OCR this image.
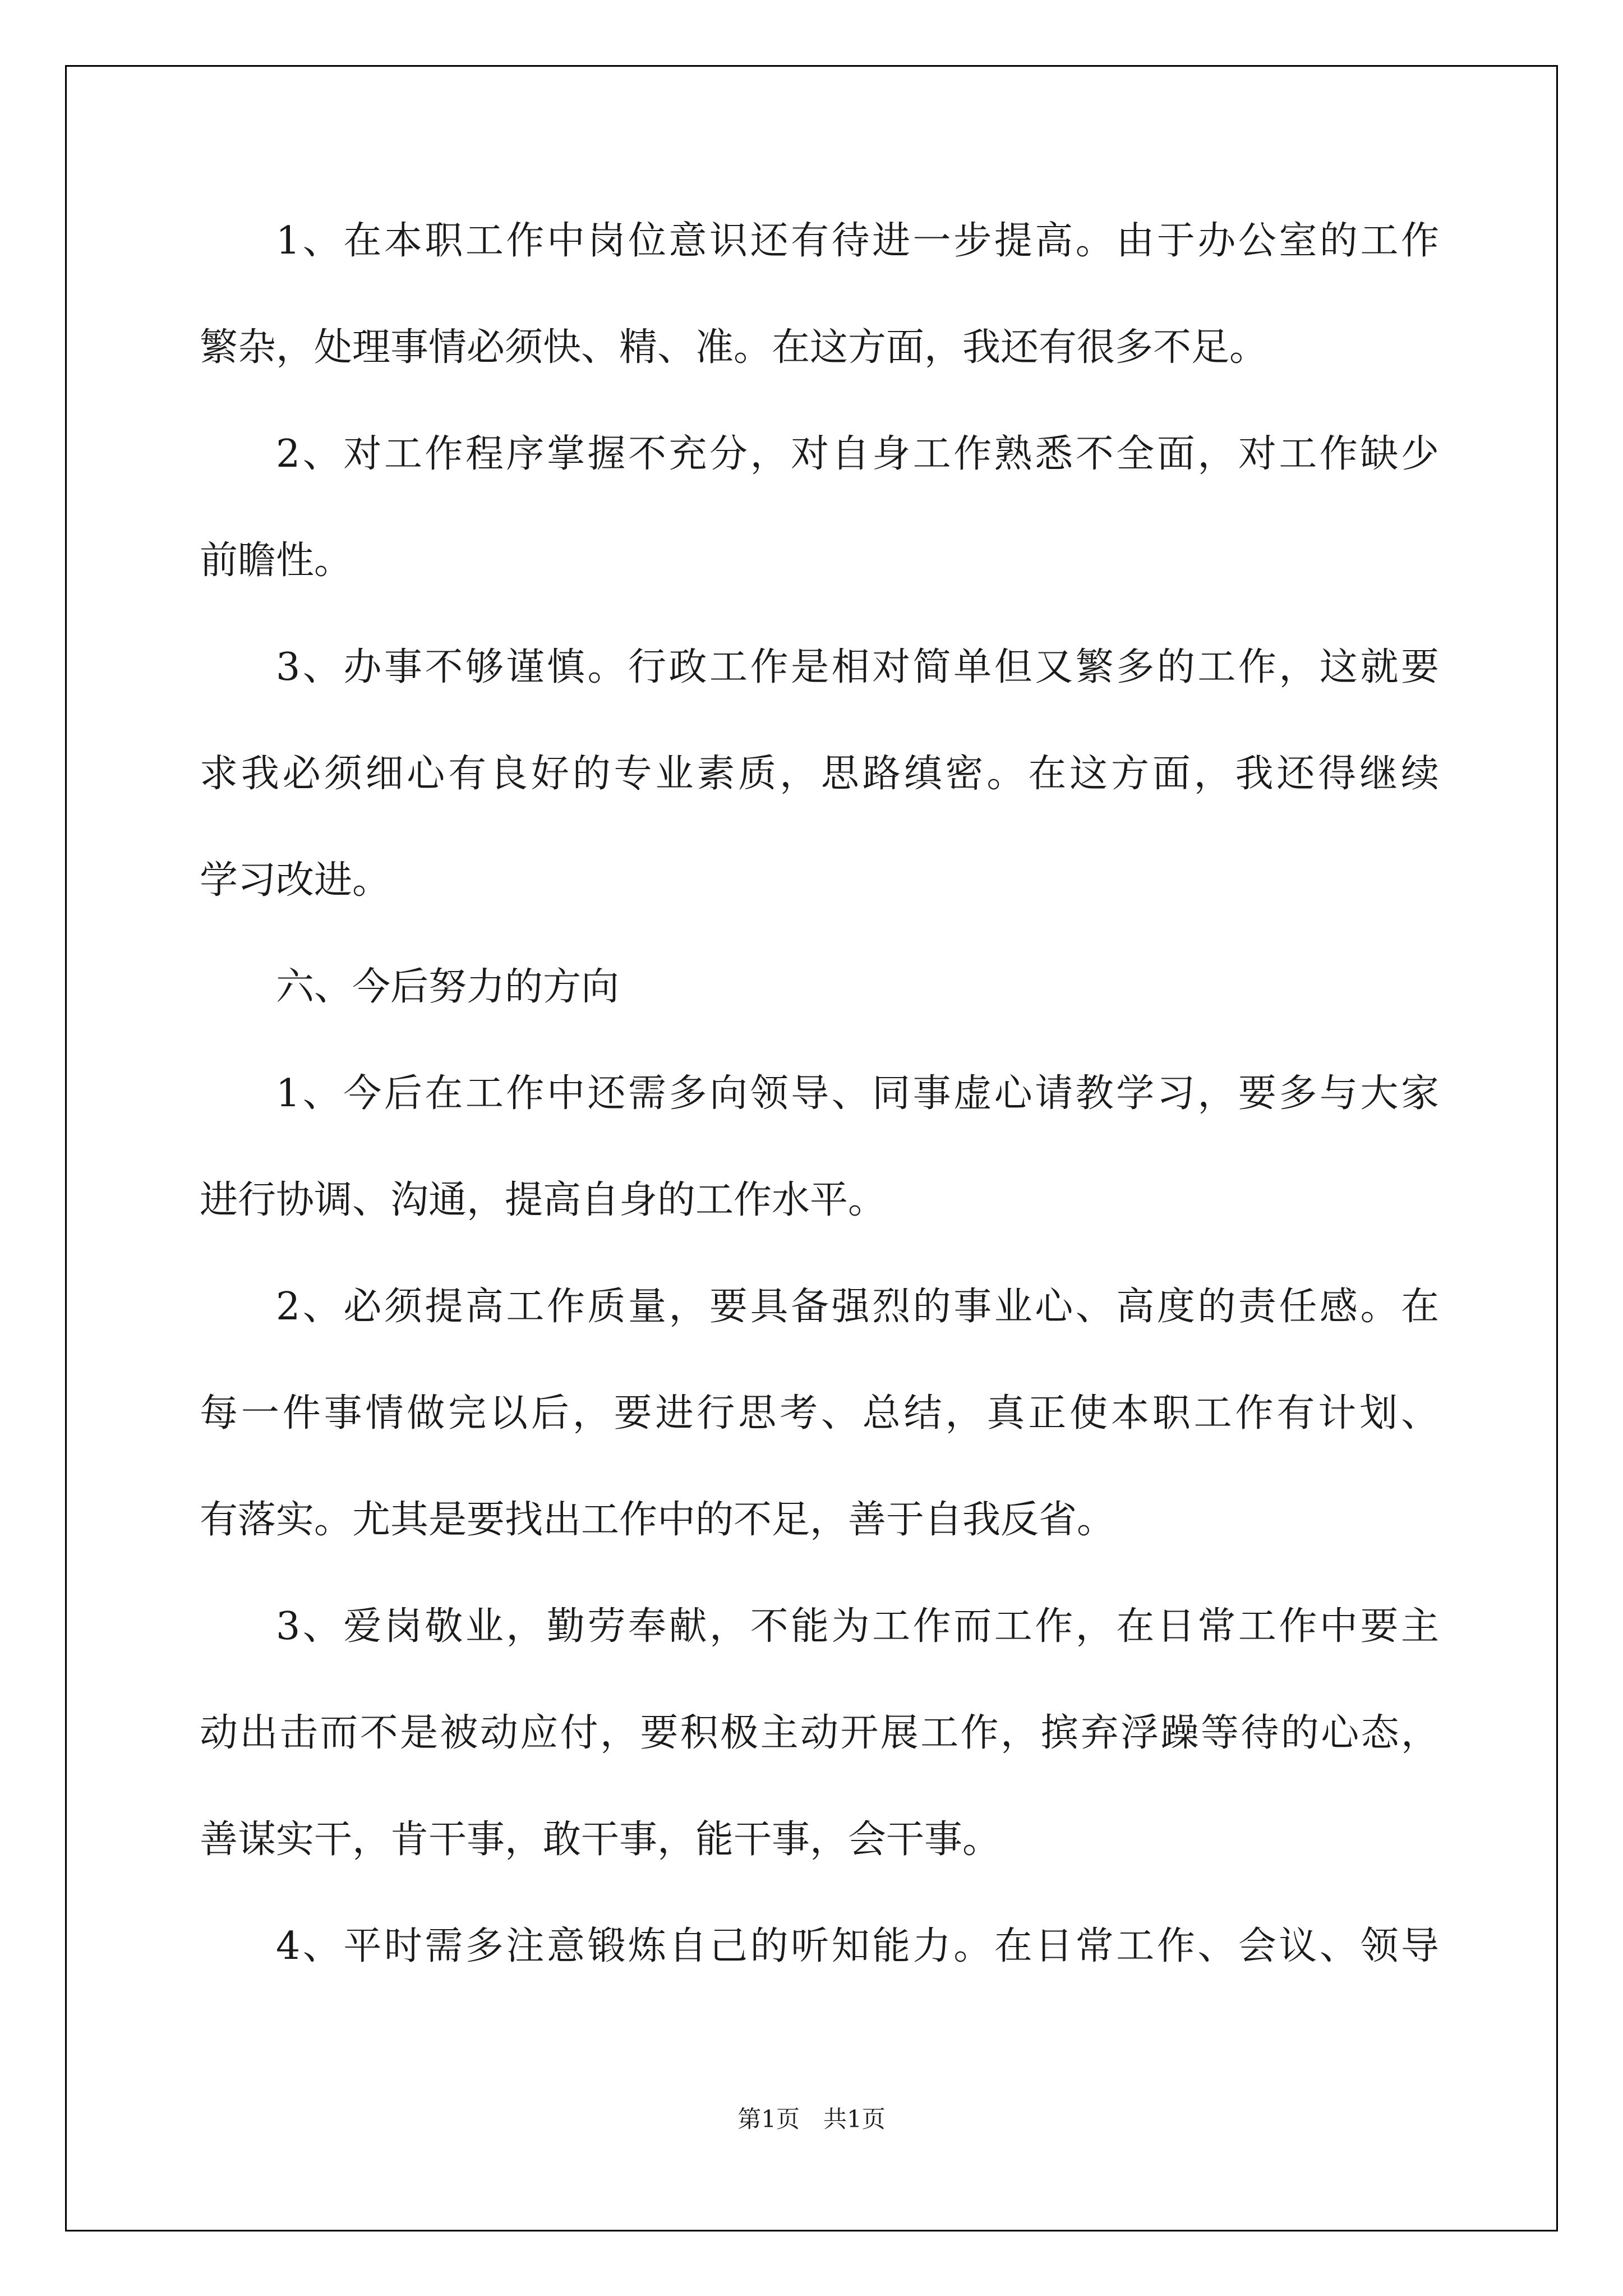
1、在本职工作中岗位意识还有待进一步提高。由于办公室的工作
繁杂，处理事情必须快、精、准。在这方面，我还有很多不足。
2、对工作程序掌握不充分，对自身工作熟悉不全面，对工作缺少
前瞻性。
3、办事不够谨慎。行政工作是相对简单但又繁多的工作，这就要
求我必须细心有良好的专业素质，思路缜密。在这方面，我还得继续
学习改进。
六、今后努力的方向
1、今后在工作中还需多向领导、同事虚心请教学习，要多与大家
进行协调、沟通，提高自身的工作水平。
2、必须提高工作质量，要具备强烈的事业心、高度的责任感。在
每一件事情做完以后，要进行思考、总结，真正使本职工作有计划、
有落实。尤其是要找出工作中的不足，善于自我反省。
3、爱岗敬业，勤劳奉献，不能为工作而工作，在日常工作中要主
动出击而不是被动应付，要积极主动开展工作，摈弃浮躁等待的心态，
善谋实干，肯干事，敢干事，能干事，会干事。
4、平时需多注意锻炼自己的听知能力。在日常工作、会议、领导
第1页　共1页
